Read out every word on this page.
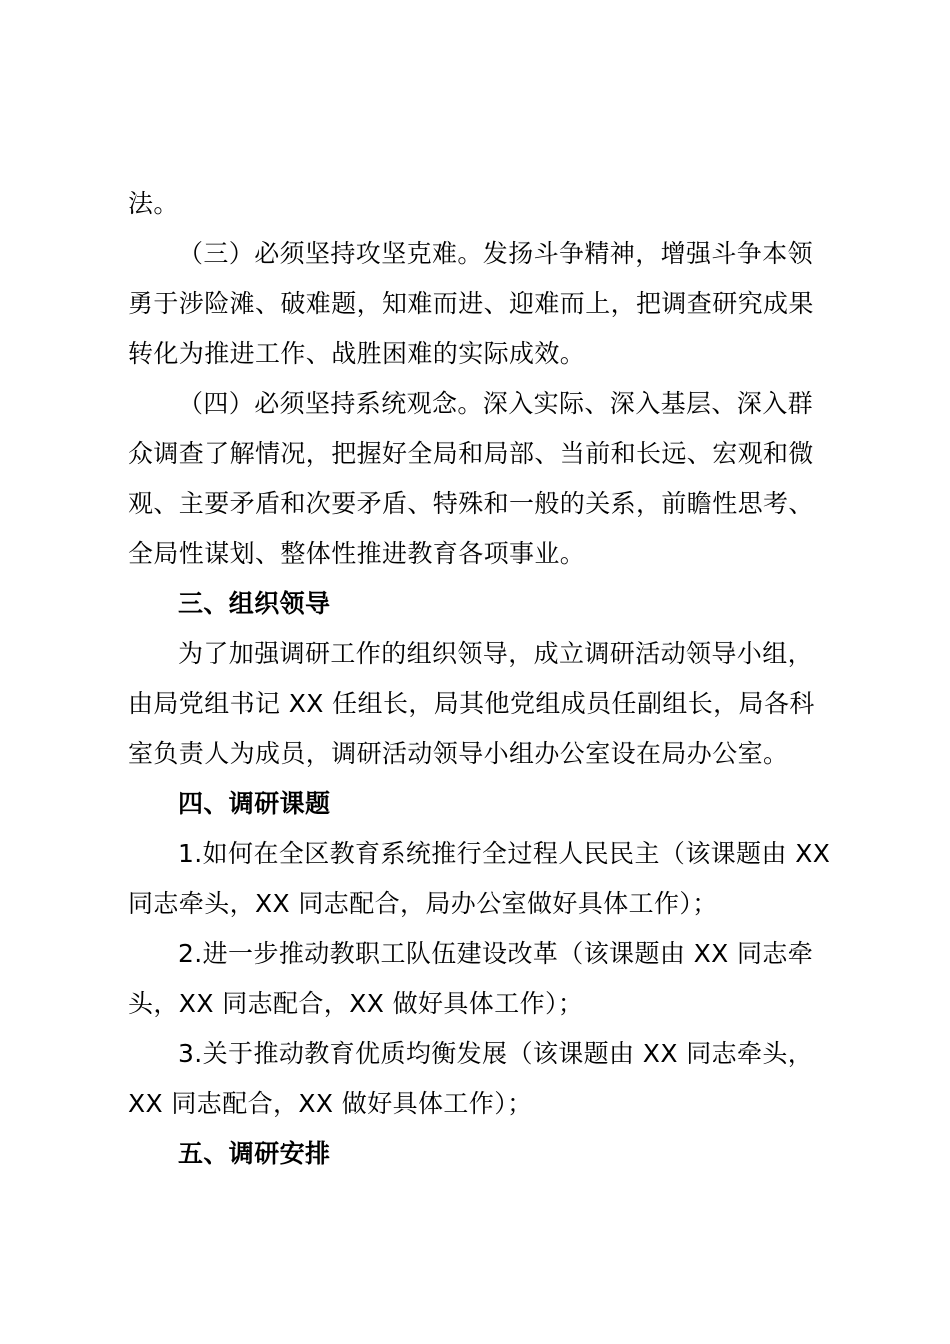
法。
（三）必须坚持攻坚克难。发扬斗争精神，增强斗争本领
勇于涉险滩、破难题，知难而进、迎难而上，把调查研究成果
转化为推进工作、战胜困难的实际成效。
（四）必须坚持系统观念。深入实际、深入基层、深入群
众调查了解情况，把握好全局和局部、当前和长远、宏观和微
观、主要矛盾和次要矛盾、特殊和一般的关系，前瞻性思考、
全局性谋划、整体性推进教育各项事业。
三、组织领导
为了加强调研工作的组织领导，成立调研活动领导小组，
由局党组书记 XX 任组长，局其他党组成员任副组长，局各科
室负责人为成员，调研活动领导小组办公室设在局办公室。
四、调研课题
1.如何在全区教育系统推行全过程人民民主（该课题由 XX
同志牵头，XX 同志配合，局办公室做好具体工作）；
2.进一步推动教职工队伍建设改革（该课题由 XX 同志牵
头，XX 同志配合，XX 做好具体工作）；
3.关于推动教育优质均衡发展（该课题由 XX 同志牵头，
XX 同志配合，XX 做好具体工作）；
五、调研安排
